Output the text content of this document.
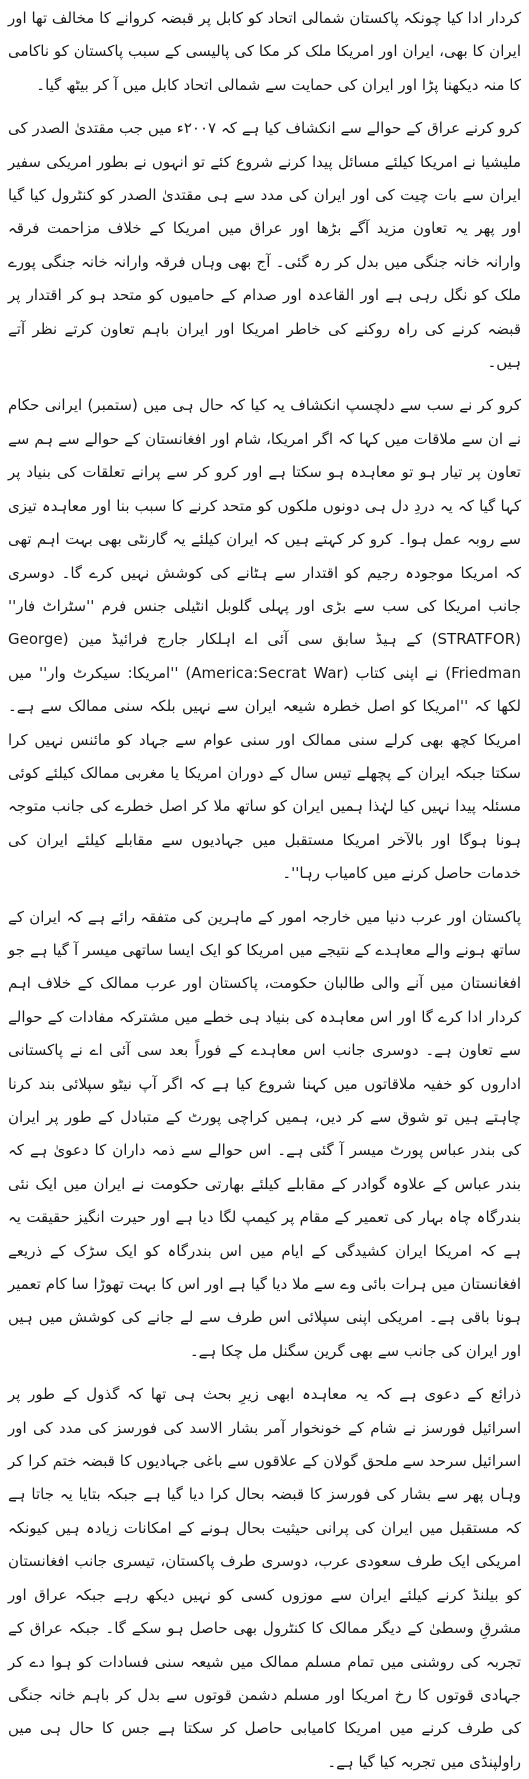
کردار ادا کیا چونکہ پاکستان شمالی اتحاد کو کابل پر قبضہ کروانے کا مخالف تھا اور ایران کا بھی، ایران اور امریکا ملک کر مکا کی پالیسی کے سبب پاکستان کو ناکامی کا منہ دیکھنا پڑا اور ایران کی حمایت سے شمالی اتحاد کابل میں آ کر بیٹھ گیا۔

کرو کرنے عراق کے حوالے سے انکشاف کیا ہے کہ ۲۰۰۷ء میں جب مقتدیٰ الصدر کی ملیشیا نے امریکا کیلئے مسائل پیدا کرنے شروع کئے تو انہوں نے بطور امریکی سفیر ایران سے بات چیت کی اور ایران کی مدد سے ہی مقتدیٰ الصدر کو کنٹرول کیا گیا اور پھر یہ تعاون مزید آگے بڑھا اور عراق میں امریکا کے خلاف مزاحمت فرقہ وارانہ خانہ جنگی میں بدل کر رہ گئی۔ آج بھی وہاں فرقہ وارانہ خانہ جنگی پورے ملک کو نگل رہی ہے اور القاعدہ اور صدام کے حامیوں کو متحد ہو کر اقتدار پر قبضہ کرنے کی راہ روکنے کی خاطر امریکا اور ایران باہم تعاون کرتے نظر آتے ہیں۔

کرو کر نے سب سے دلچسپ انکشاف یہ کیا کہ حال ہی میں (ستمبر) ایرانی حکام نے ان سے ملاقات میں کہا کہ اگر امریکا، شام اور افغانستان کے حوالے سے ہم سے تعاون پر تیار ہو تو معاہدہ ہو سکتا ہے اور کرو کر سے پرانے تعلقات کی بنیاد پر کہا گیا کہ یہ دردِ دل ہی دونوں ملکوں کو متحد کرنے کا سبب بنا اور معاہدہ تیزی سے روبہ عمل ہوا۔ کرو کر کہتے ہیں کہ ایران کیلئے یہ گارنٹی بھی بہت اہم تھی کہ امریکا موجودہ رجیم کو اقتدار سے ہٹانے کی کوشش نہیں کرے گا۔ دوسری جانب امریکا کی سب سے بڑی اور پہلی گلوبل انٹیلی جنس فرم ''سٹراٹ فار'' (STRATFOR) کے ہیڈ سابق سی آئی اے اہلکار جارج فرائیڈ مین (George Friedman) نے اپنی کتاب (America:Secrat War) ''امریکا: سیکرٹ وار'' میں لکھا کہ ''امریکا کو اصل خطرہ شیعہ ایران سے نہیں بلکہ سنی ممالک سے ہے۔ امریکا کچھ بھی کرلے سنی ممالک اور سنی عوام سے جہاد کو مائنس نہیں کرا سکتا جبکہ ایران کے پچھلے تیس سال کے دوران امریکا یا مغربی ممالک کیلئے کوئی مسئلہ پیدا نہیں کیا لہٰذا ہمیں ایران کو ساتھ ملا کر اصل خطرے کی جانب متوجہ ہونا ہوگا اور بالآخر امریکا مستقبل میں جہادیوں سے مقابلے کیلئے ایران کی خدمات حاصل کرنے میں کامیاب رہا''۔

پاکستان اور عرب دنیا میں خارجہ امور کے ماہرین کی متفقہ رائے ہے کہ ایران کے ساتھ ہونے والے معاہدے کے نتیجے میں امریکا کو ایک ایسا ساتھی میسر آ گیا ہے جو افغانستان میں آنے والی طالبان حکومت، پاکستان اور عرب ممالک کے خلاف اہم کردار ادا کرے گا اور اس معاہدہ کی بنیاد ہی خطے میں مشترکہ مفادات کے حوالے سے تعاون ہے۔ دوسری جانب اس معاہدے کے فوراً بعد سی آئی اے نے پاکستانی اداروں کو خفیہ ملاقاتوں میں کہنا شروع کیا ہے کہ اگر آپ نیٹو سپلائی بند کرنا چاہتے ہیں تو شوق سے کر دیں، ہمیں کراچی پورٹ کے متبادل کے طور پر ایران کی بندر عباس پورٹ میسر آ گئی ہے۔ اس حوالے سے ذمہ داران کا دعویٰ ہے کہ بندر عباس کے علاوہ گوادر کے مقابلے کیلئے بھارتی حکومت نے ایران میں ایک نئی بندرگاہ چاہ بہار کی تعمیر کے مقام پر کیمپ لگا دیا ہے اور حیرت انگیز حقیقت یہ ہے کہ امریکا ایران کشیدگی کے ایام میں اس بندرگاہ کو ایک سڑک کے ذریعے افغانستان میں ہرات بائی وے سے ملا دیا گیا ہے اور اس کا بہت تھوڑا سا کام تعمیر ہونا باقی ہے۔ امریکی اپنی سپلائی اس طرف سے لے جانے کی کوشش میں ہیں اور ایران کی جانب سے بھی گرین سگنل مل چکا ہے۔

ذرائع کے دعوی ہے کہ یہ معاہدہ ابھی زیرِ بحث ہی تھا کہ گذول کے طور پر اسرائیل فورسز نے شام کے خونخوار آمر بشار الاسد کی فورسز کی مدد کی اور اسرائیل سرحد سے ملحق گولان کے علاقوں سے باغی جہادیوں کا قبضہ ختم کرا کر وہاں پھر سے بشار کی فورسز کا قبضہ بحال کرا دیا گیا ہے جبکہ بتایا یہ جاتا ہے کہ مستقبل میں ایران کی پرانی حیثیت بحال ہونے کے امکانات زیادہ ہیں کیونکہ امریکی ایک طرف سعودی عرب، دوسری طرف پاکستان، تیسری جانب افغانستان کو بیلنڈ کرنے کیلئے ایران سے موزوں کسی کو نہیں دیکھ رہے جبکہ عراق اور مشرقِ وسطیٰ کے دیگر ممالک کا کنٹرول بھی حاصل ہو سکے گا۔ جبکہ عراق کے تجربہ کی روشنی میں تمام مسلم ممالک میں شیعہ سنی فسادات کو ہوا دے کر جہادی قوتوں کا رخ امریکا اور مسلم دشمن قوتوں سے بدل کر باہم خانہ جنگی کی طرف کرنے میں امریکا کامیابی حاصل کر سکتا ہے جس کا حال ہی میں راولپنڈی میں تجربہ کیا گیا ہے۔
